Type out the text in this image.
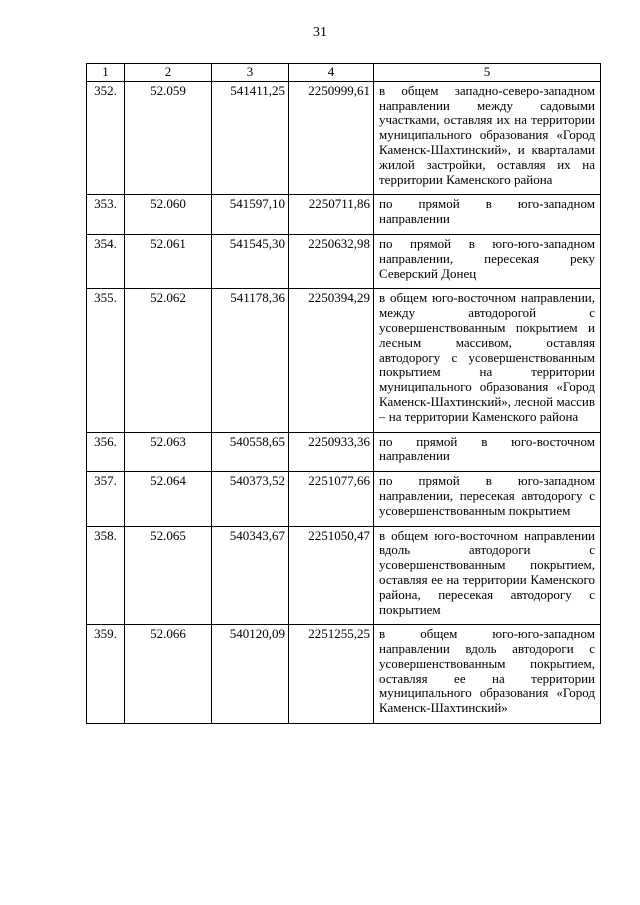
31
1	2	3	4	5
352.	52.059	541411,25	2250999,61	в общем западно-северо-западном направлении между садовыми участками, оставляя их на территории муниципального образования «Город Каменск-Шахтинский», и кварталами жилой застройки, оставляя их на территории Каменского района
353.	52.060	541597,10	2250711,86	по прямой в юго-западном направлении
354.	52.061	541545,30	2250632,98	по прямой в юго-юго-западном направлении, пересекая реку Северский Донец
355.	52.062	541178,36	2250394,29	в общем юго-восточном направлении, между автодорогой с усовершенствованным покрытием и лесным массивом, оставляя автодорогу с усовершенствованным покрытием на территории муниципального образования «Город Каменск-Шахтинский», лесной массив – на территории Каменского района
356.	52.063	540558,65	2250933,36	по прямой в юго-восточном направлении
357.	52.064	540373,52	2251077,66	по прямой в юго-западном направлении, пересекая автодорогу с усовершенствованным покрытием
358.	52.065	540343,67	2251050,47	в общем юго-восточном направлении вдоль автодороги с усовершенствованным покрытием, оставляя ее на территории Каменского района, пересекая автодорогу с покрытием
359.	52.066	540120,09	2251255,25	в общем юго-юго-западном направлении вдоль автодороги с усовершенствованным покрытием, оставляя ее на территории муниципального образования «Город Каменск-Шахтинский»
